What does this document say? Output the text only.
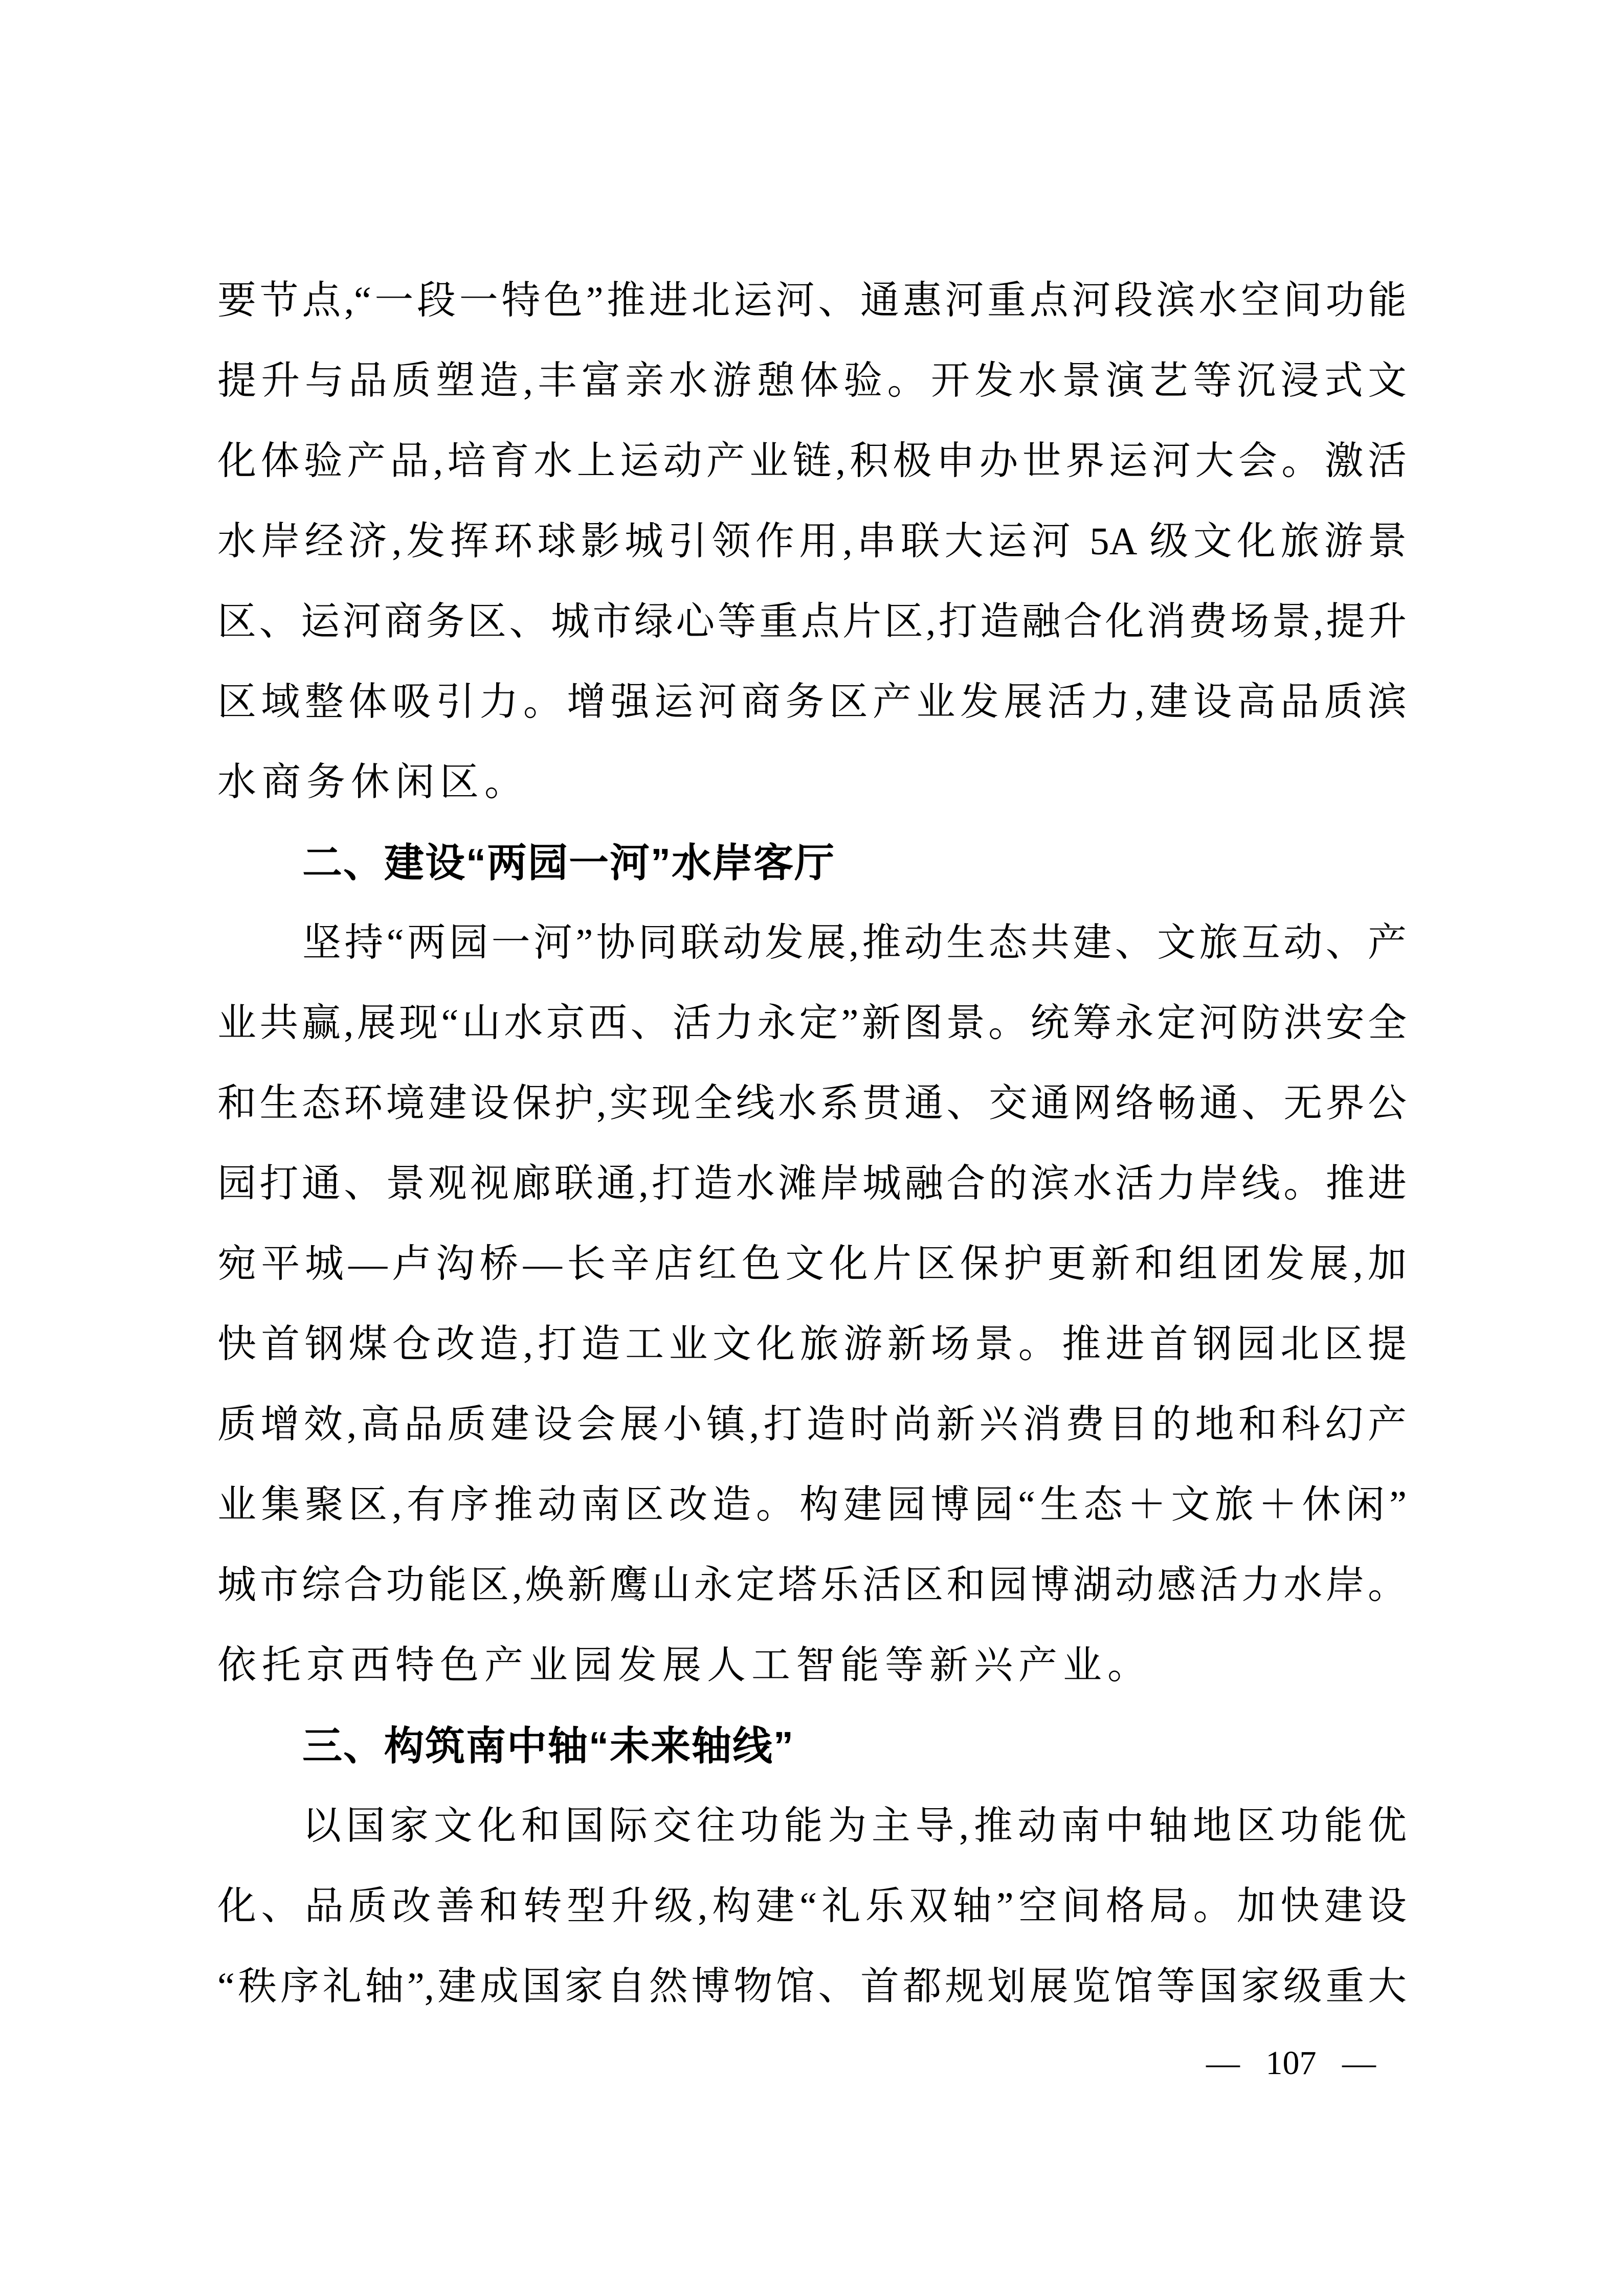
要节点,“一段一特色”推进北运河、通惠河重点河段滨水空间功能
提升与品质塑造,丰富亲水游憩体验。开发水景演艺等沉浸式文
化体验产品,培育水上运动产业链,积极申办世界运河大会。激活
水岸经济,发挥环球影城引领作用,串联大运河 5A 级文化旅游景
区、运河商务区、城市绿心等重点片区,打造融合化消费场景,提升
区域整体吸引力。增强运河商务区产业发展活力,建设高品质滨
水商务休闲区。
二、建设“两园一河”水岸客厅
坚持“两园一河”协同联动发展,推动生态共建、文旅互动、产
业共赢,展现“山水京西、活力永定”新图景。统筹永定河防洪安全
和生态环境建设保护,实现全线水系贯通、交通网络畅通、无界公
园打通、景观视廊联通,打造水滩岸城融合的滨水活力岸线。推进
宛平城—卢沟桥—长辛店红色文化片区保护更新和组团发展,加
快首钢煤仓改造,打造工业文化旅游新场景。推进首钢园北区提
质增效,高品质建设会展小镇,打造时尚新兴消费目的地和科幻产
业集聚区,有序推动南区改造。构建园博园“生态＋文旅＋休闲”
城市综合功能区,焕新鹰山永定塔乐活区和园博湖动感活力水岸。
依托京西特色产业园发展人工智能等新兴产业。
三、构筑南中轴“未来轴线”
以国家文化和国际交往功能为主导,推动南中轴地区功能优
化、品质改善和转型升级,构建“礼乐双轴”空间格局。加快建设
“秩序礼轴”,建成国家自然博物馆、首都规划展览馆等国家级重大
— 107 —
